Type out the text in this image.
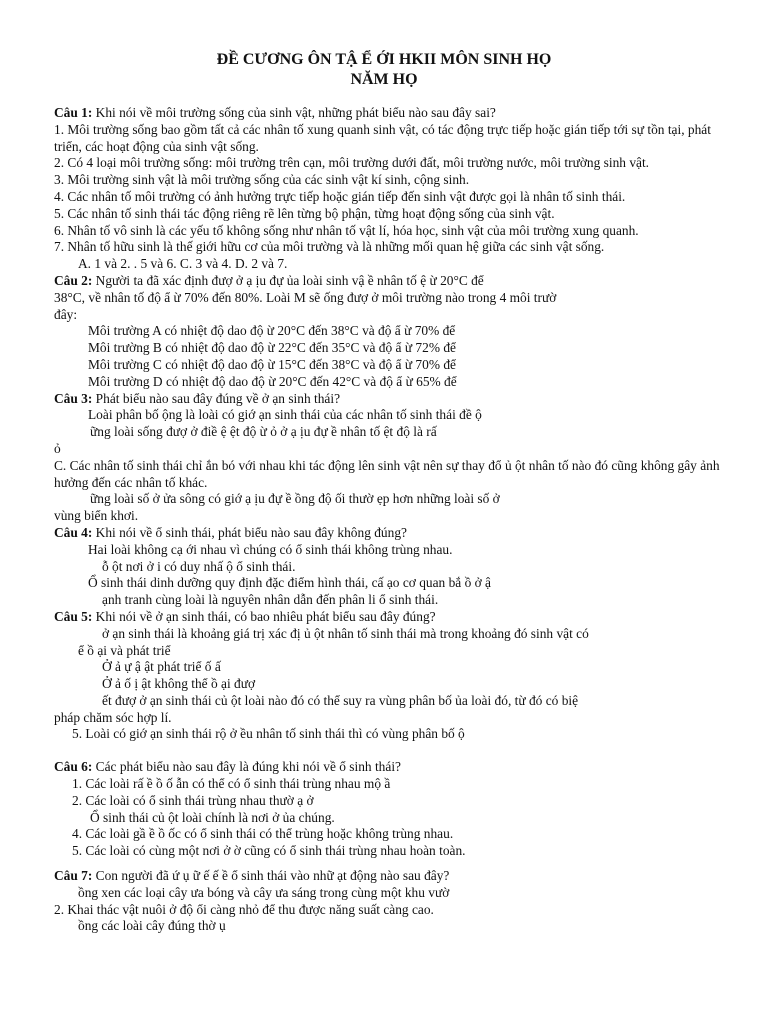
ĐỀ CƯƠNG ÔN TẬ Ể ỚI HKII MÔN SINH HỌ
NĂM HỌ
Câu 1: Khi nói về môi trường sống của sinh vật, những phát biểu nào sau đây sai?
1. Môi trường sống bao gồm tất cả các nhân tố xung quanh sinh vật, có tác động trực tiếp hoặc gián tiếp tới sự tồn tại, phát triển, các hoạt động của sinh vật sống.
2. Có 4 loại môi trường sống: môi trường trên cạn, môi trường dưới đất, môi trường nước, môi trường sinh vật.
3. Môi trường sinh vật là môi trường sống của các sinh vật kí sinh, cộng sinh.
4. Các nhân tố môi trường có ảnh hưởng trực tiếp hoặc gián tiếp đến sinh vật được gọi là nhân tố sinh thái.
5. Các nhân tố sinh thái tác động riêng rẽ lên từng bộ phận, từng hoạt động sống của sinh vật.
6. Nhân tố vô sinh là các yếu tố không sống như nhân tố vật lí, hóa học, sinh vật của môi trường xung quanh.
7. Nhân tố hữu sinh là thế giới hữu cơ của môi trường và là những mối quan hệ giữa các sinh vật sống.
A. 1 và 2. . 5 và 6. C. 3 và 4. D. 2 và 7.
Câu 2: Người ta đã xác định đượ ở ạ ịu đự ủa loài sinh vậ ề nhân tố ệ ừ 20°C để
38°C, về nhân tố độ ẩ ừ 70% đến 80%. Loài M sẽ ống đượ ở môi trường nào trong 4 môi trườ
đây:
Môi trường A có nhiệt độ dao độ ừ 20°C đến 38°C và độ ẩ ừ 70% để
Môi trường B có nhiệt độ dao độ ừ 22°C đến 35°C và độ ẩ ừ 72% để
Môi trường C có nhiệt độ dao độ ừ 15°C đến 38°C và độ ẩ ừ 70% để
Môi trường D có nhiệt độ dao độ ừ 20°C đến 42°C và độ ẩ ừ 65% để
Câu 3: Phát biểu nào sau đây đúng về ở ạn sinh thái?
Loài phân bố ộng là loài có giớ ạn sinh thái của các nhân tố sinh thái đề ộ
ững loài sống đượ ở điề ệ ệt độ ừ ỏ ở ạ ịu đự ề nhân tố ệt độ là rấ
ỏ
C. Các nhân tố sinh thái chỉ ắn bó với nhau khi tác động lên sinh vật nên sự thay đổ ủ ột nhân tố nào đó cũng không gây ảnh hưởng đến các nhân tố khác.
ững loài số ở ửa sông có giớ ạ ịu đự ề ồng độ ối thườ ẹp hơn những loài số ở
vùng biển khơi.
Câu 4: Khi nói về ổ sinh thái, phát biểu nào sau đây không đúng?
Hai loài không cạ ới nhau vì chúng có ổ sinh thái không trùng nhau.
ỗ ột nơi ở i có duy nhấ ộ ổ sinh thái.
Ổ sinh thái dinh dưỡng quy định đặc điểm hình thái, cấ ạo cơ quan bắ ồ ở ậ
ạnh tranh cùng loài là nguyên nhân dẫn đến phân li ổ sinh thái.
Câu 5: Khi nói về ở ạn sinh thái, có bao nhiêu phát biểu sau đây đúng?
ở ạn sinh thái là khoảng giá trị xác đị ủ ột nhân tố sinh thái mà trong khoảng đó sinh vật có
ể ồ ại và phát triể
Ở ả ự ậ ật phát triể ố ấ
Ở ả ố ị ật không thể ồ ại đượ
ết đượ ở ạn sinh thái củ ột loài nào đó có thể suy ra vùng phân bố ủa loài đó, từ đó có biệ
pháp chăm sóc hợp lí.
5. Loài có giớ ạn sinh thái rộ ở ều nhân tố sinh thái thì có vùng phân bố ộ
Câu 6: Các phát biểu nào sau đây là đúng khi nói về ổ sinh thái?
1. Các loài rấ ề ồ ố ẫn có thể có ổ sinh thái trùng nhau mộ ầ
2. Các loài có ổ sinh thái trùng nhau thườ ạ ở
Ổ sinh thái củ ột loài chính là nơi ở ủa chúng.
4. Các loài gầ ề ồ ốc có ổ sinh thái có thể trùng hoặc không trùng nhau.
5. Các loài có cùng một nơi ở ờ cũng có ổ sinh thái trùng nhau hoàn toàn.
Câu 7: Con người đã ứ ụ ữ ế ế ề ổ sinh thái vào nhữ ạt động nào sau đây?
ồng xen các loại cây ưa bóng và cây ưa sáng trong cùng một khu vườ
2. Khai thác vật nuôi ở độ ổi càng nhỏ để thu được năng suất càng cao.
ồng các loài cây đúng thờ ụ
